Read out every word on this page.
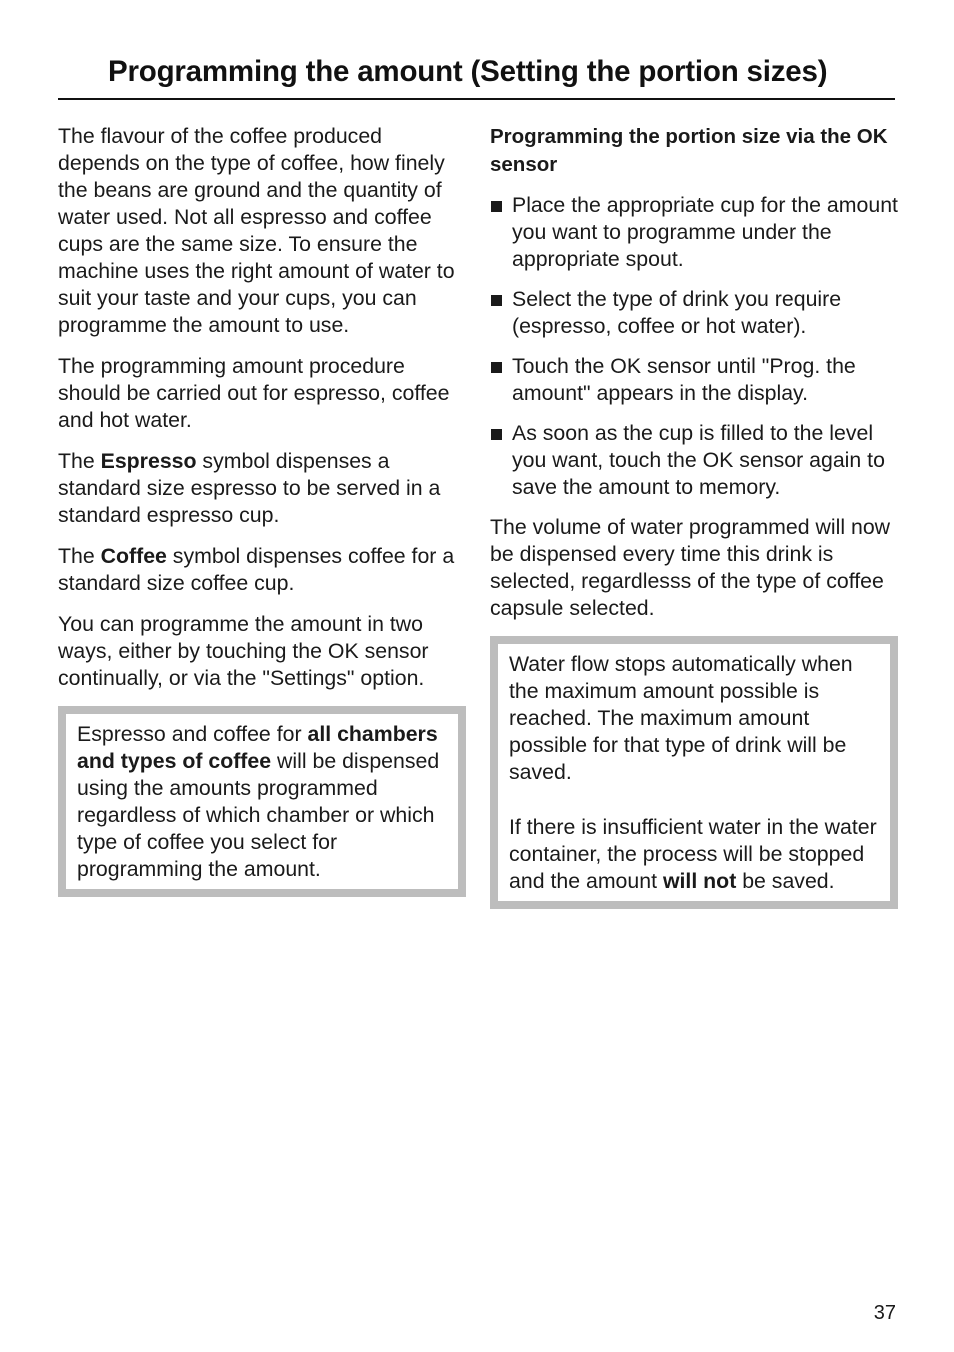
Programming the amount (Setting the portion sizes)

The flavour of the coffee produced depends on the type of coffee, how finely the beans are ground and the quantity of water used. Not all espresso and coffee cups are the same size. To ensure the machine uses the right amount of water to suit your taste and your cups, you can programme the amount to use.

The programming amount procedure should be carried out for espresso, coffee and hot water.

The Espresso symbol dispenses a standard size espresso to be served in a standard espresso cup.

The Coffee symbol dispenses coffee for a standard size coffee cup.

You can programme the amount in two ways, either by touching the OK sensor continually, or via the "Settings" option.

Espresso and coffee for all chambers and types of coffee will be dispensed using the amounts programmed regardless of which chamber or which type of coffee you select for programming the amount.

Programming the portion size via the OK sensor

Place the appropriate cup for the amount you want to programme under the appropriate spout.
Select the type of drink you require (espresso, coffee or hot water).
Touch the OK sensor until "Prog. the amount" appears in the display.
As soon as the cup is filled to the level you want, touch the OK sensor again to save the amount to memory.

The volume of water programmed will now be dispensed every time this drink is selected, regardlesss of the type of coffee capsule selected.

Water flow stops automatically when the maximum amount possible is reached. The maximum amount possible for that type of drink will be saved.

If there is insufficient water in the water container, the process will be stopped and the amount will not be saved.

37
